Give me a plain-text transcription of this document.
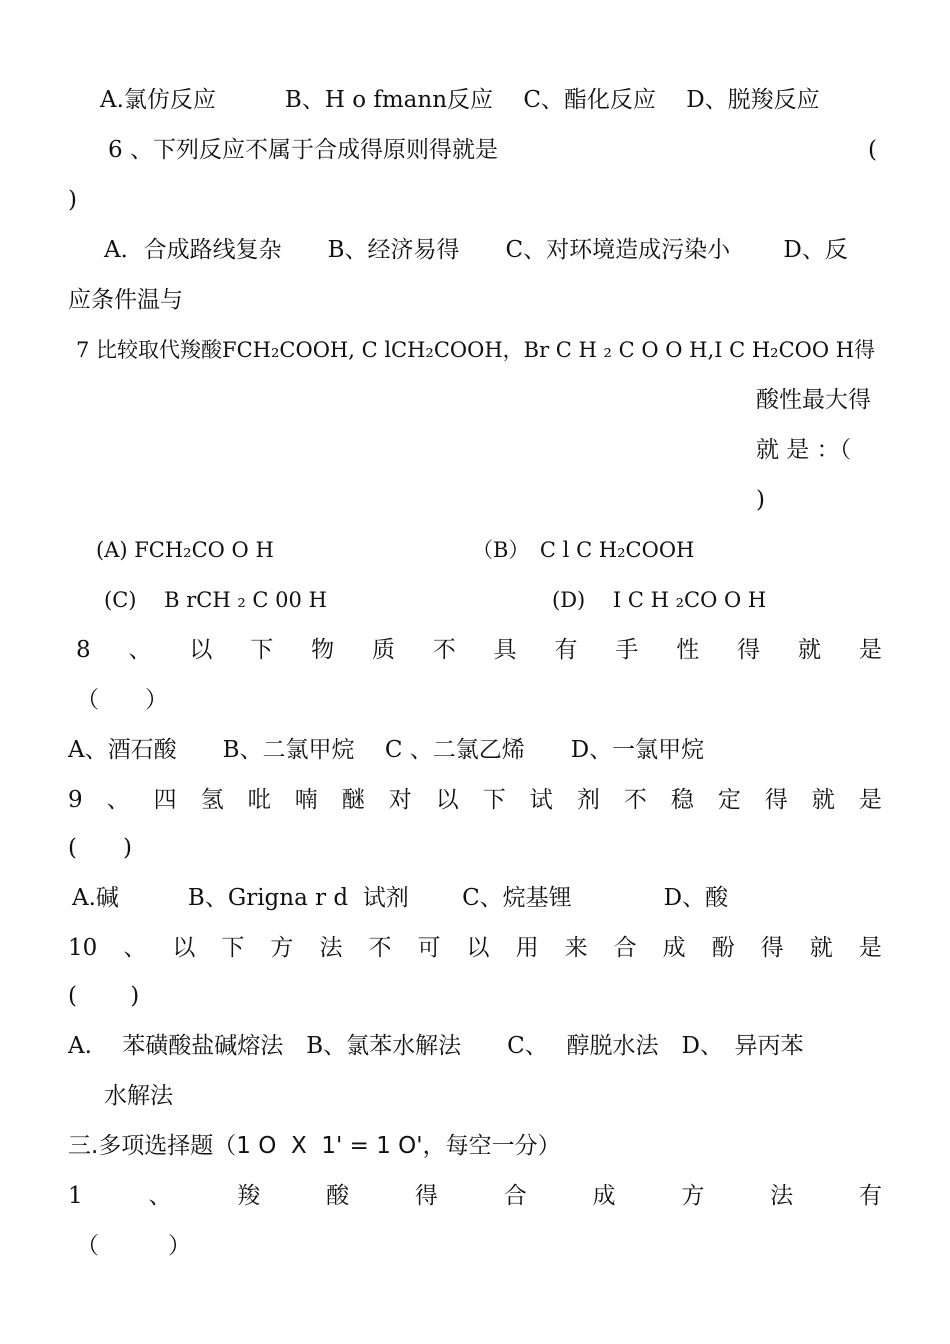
A.氯仿反应　　　B、H o fmann反应　 C、酯化反应　 D、脱羧反应
6 、下列反应不属于合成得原则得就是	(
)
A．合成路线复杂　　B、经济易得　　C、对环境造成污染小　　 D、反
应条件温与
7 比较取代羧酸FCH₂COOH, C lCH₂COOH，Br C H ₂ C O O H,I C H₂COO H得
酸性最大得
就 是 ：（
)
(A) FCH₂CO O H	（B）　C l C H₂COOH
(C)　 B rCH ₂ C 00 H	(D)　 I C H ₂CO O H
8 、 以 下 物 质 不 具 有 手 性 得 就 是
（　　）
A、酒石酸　　B、二氯甲烷　 C 、二氯乙烯　　D、一氯甲烷
9 、 四 氢 吡 喃 醚 对 以 下 试 剂 不 稳 定 得 就 是
(　　)
A.碱　　　B、Grigna r d  试剂　　 C、烷基锂　　　　D、酸
10 、 以 下 方 法 不 可 以 用 来 合 成 酚 得 就 是
(　　 )
A.　 苯磺酸盐碱熔法　B、氯苯水解法　　C、　 醇脱水法　D、　异丙苯
水解法
三.多项选择题（1 O  X  1' = 1 O'，每空一分）
1	、	羧	酸	得	合	成	方	法	有
（　　　）
